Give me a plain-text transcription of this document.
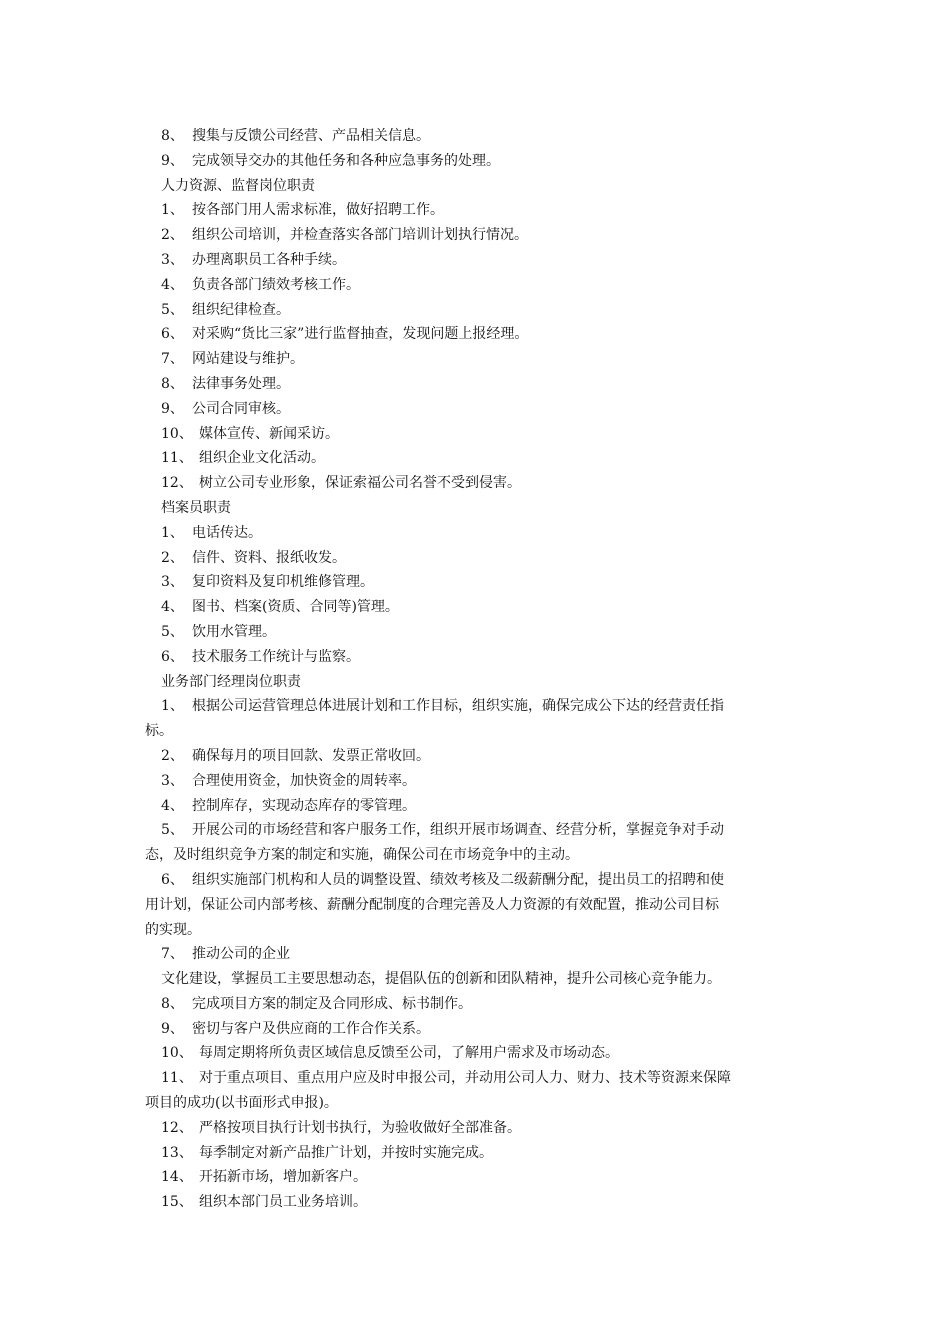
8、 搜集与反馈公司经营、产品相关信息。
9、 完成领导交办的其他任务和各种应急事务的处理。
人力资源、监督岗位职责
1、 按各部门用人需求标准，做好招聘工作。
2、 组织公司培训，并检查落实各部门培训计划执行情况。
3、 办理离职员工各种手续。
4、 负责各部门绩效考核工作。
5、 组织纪律检查。
6、 对采购“货比三家”进行监督抽查，发现问题上报经理。
7、 网站建设与维护。
8、 法律事务处理。
9、 公司合同审核。
10、 媒体宣传、新闻采访。
11、 组织企业文化活动。
12、 树立公司专业形象，保证索福公司名誉不受到侵害。
档案员职责
1、 电话传达。
2、 信件、资料、报纸收发。
3、 复印资料及复印机维修管理。
4、 图书、档案(资质、合同等)管理。
5、 饮用水管理。
6、 技术服务工作统计与监察。
业务部门经理岗位职责
1、 根据公司运营管理总体进展计划和工作目标，组织实施，确保完成公下达的经营责任指
标。
2、 确保每月的项目回款、发票正常收回。
3、 合理使用资金，加快资金的周转率。
4、 控制库存，实现动态库存的零管理。
5、 开展公司的市场经营和客户服务工作，组织开展市场调查、经营分析，掌握竞争对手动
态，及时组织竞争方案的制定和实施，确保公司在市场竞争中的主动。
6、 组织实施部门机构和人员的调整设置、绩效考核及二级薪酬分配，提出员工的招聘和使
用计划，保证公司内部考核、薪酬分配制度的合理完善及人力资源的有效配置，推动公司目标
的实现。
7、 推动公司的企业
文化建设，掌握员工主要思想动态，提倡队伍的创新和团队精神，提升公司核心竞争能力。
8、 完成项目方案的制定及合同形成、标书制作。
9、 密切与客户及供应商的工作合作关系。
10、 每周定期将所负责区域信息反馈至公司，了解用户需求及市场动态。
11、 对于重点项目、重点用户应及时申报公司，并动用公司人力、财力、技术等资源来保障
项目的成功(以书面形式申报)。
12、 严格按项目执行计划书执行，为验收做好全部准备。
13、 每季制定对新产品推广计划，并按时实施完成。
14、 开拓新市场，增加新客户。
15、 组织本部门员工业务培训。
